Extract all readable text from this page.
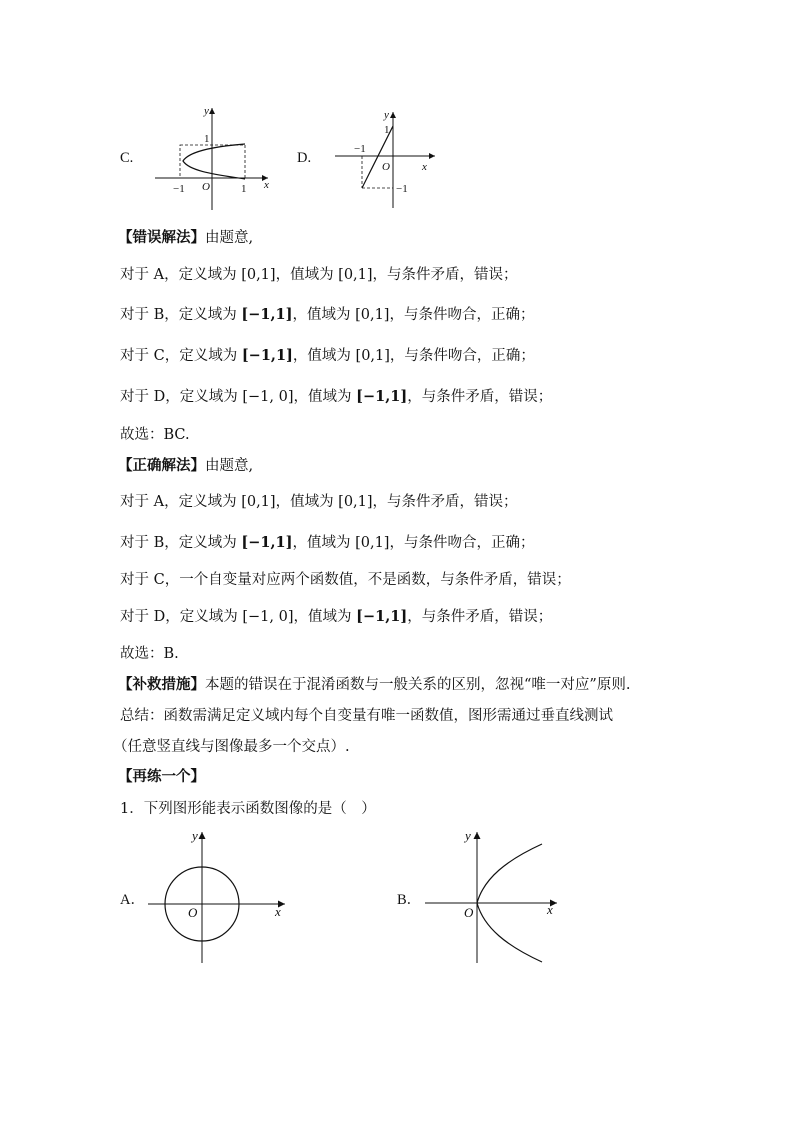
C.
y
x
O
1
−1	1
D.
y
x
O
1
−1
−1
【错误解法】由题意,
对于 A，定义域为 [0,1]，值域为 [0,1]，与条件矛盾，错误；
对于 B，定义域为 [−1,1]，值域为 [0,1]，与条件吻合，正确；
对于 C，定义域为 [−1,1]，值域为 [0,1]，与条件吻合，正确；
对于 D，定义域为 [−1, 0]，值域为 [−1,1]，与条件矛盾，错误；
故选：BC.
【正确解法】由题意,
对于 A，定义域为 [0,1]，值域为 [0,1]，与条件矛盾，错误；
对于 B，定义域为 [−1,1]，值域为 [0,1]，与条件吻合，正确；
对于 C，一个自变量对应两个函数值，不是函数，与条件矛盾，错误；
对于 D，定义域为 [−1, 0]，值域为 [−1,1]，与条件矛盾，错误；
故选：B.
【补救措施】本题的错误在于混淆函数与一般关系的区别，忽视“唯一对应”原则.
总结：函数需满足定义域内每个自变量有唯一函数值，图形需通过垂直线测试
（任意竖直线与图像最多一个交点）.
【再练一个】
1．下列图形能表示函数图像的是（　）
A．
y
x
O
B．
y
x
O
